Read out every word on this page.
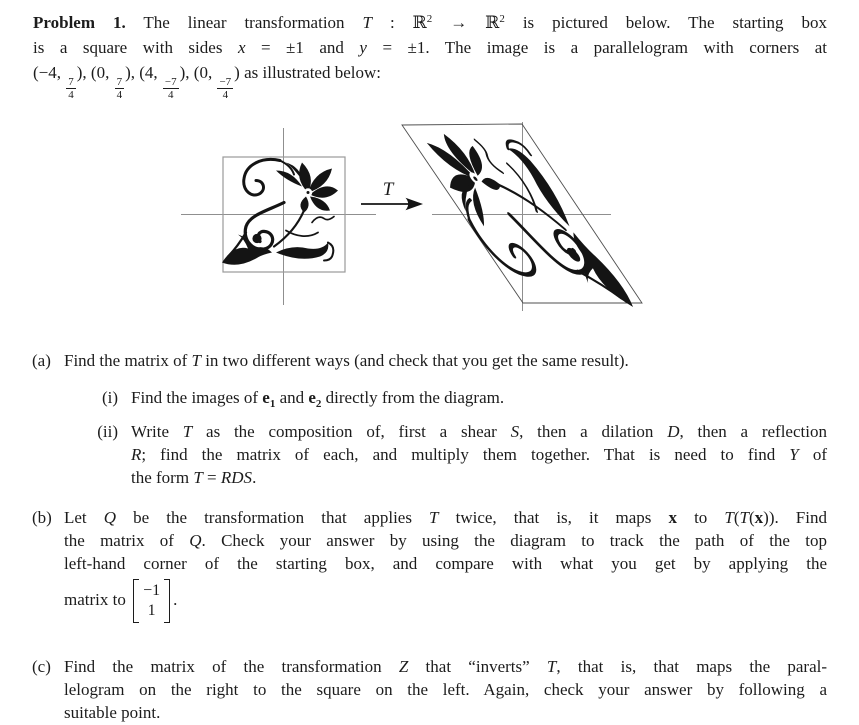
Problem 1. The linear transformation T : ℝ$^2$ → ℝ$^2$ is pictured below. The starting box
is a square with sides x = ±1 and y = ±1. The image is a parallelogram with corners at
(−4,
$\frac{7}{4}$
), (0,
$\frac{7}{4}$
), (4,
$\frac{-7}{4}$
), (0,
$\frac{-7}{4}$
) as illustrated below:
T
(a) Find the matrix of T in two different ways (and check that you get the same result).
(i) Find the images of $e_1$ and $e_2$ directly from the diagram.
(ii) Write T as the composition of, first a shear S, then a dilation D, then a reflection
R; find the matrix of each, and multiply them together. That is need to find Y of
the form T = RDS.
(b) Let Q be the transformation that applies T twice, that is, it maps x to T(T(x)). Find
the matrix of Q. Check your answer by using the diagram to track the path of the top
left-hand corner of the starting box, and compare with what you get by applying the
matrix to −1
1
.
(c) Find the matrix of the transformation Z that “inverts” T, that is, that maps the paral-
lelogram on the right to the square on the left. Again, check your answer by following a
suitable point.
